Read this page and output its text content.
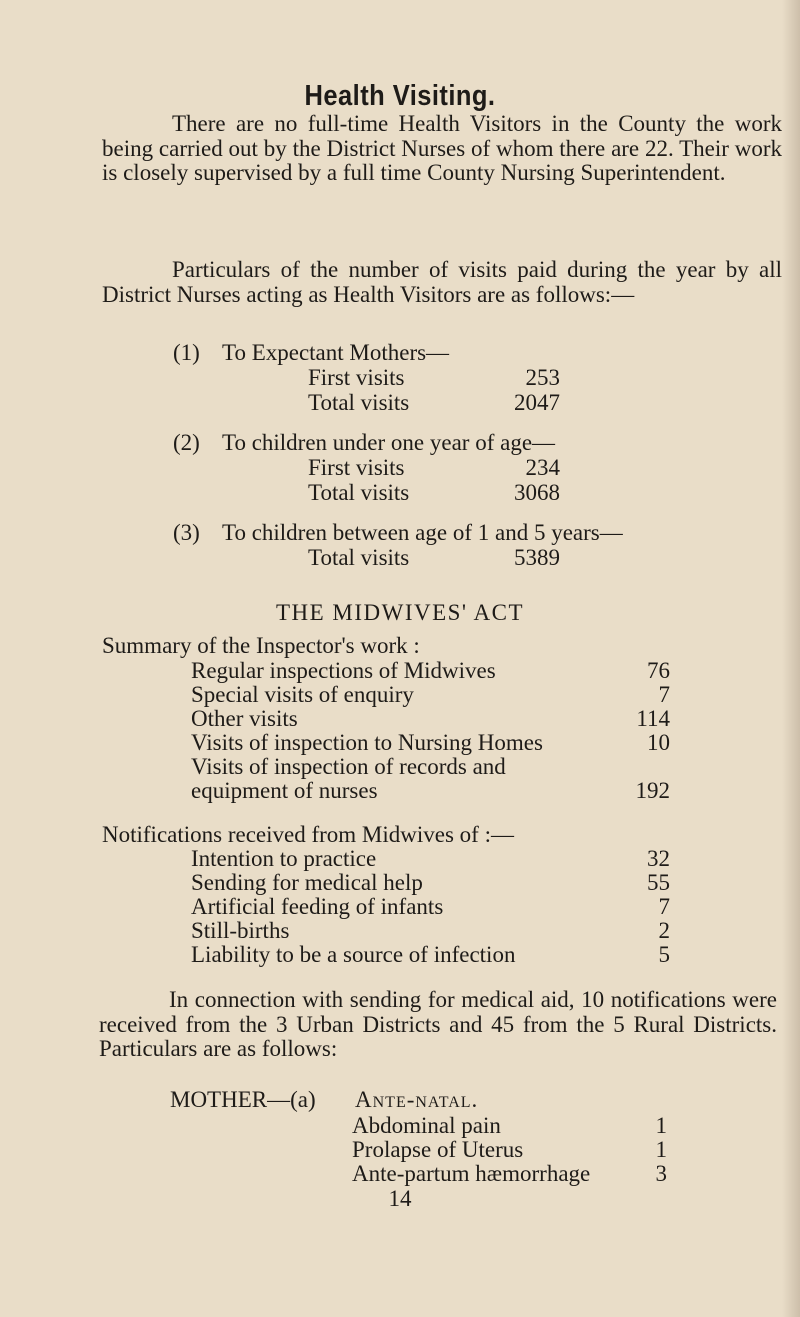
Health Visiting.
There are no full-time Health Visitors in the County the work being carried out by the District Nurses of whom there are 22. Their work is closely supervised by a full time County Nursing Superintendent.
Particulars of the number of visits paid during the year by all District Nurses acting as Health Visitors are as follows:—
(1) To Expectant Mothers—
First visits	253
Total visits	2047
(2) To children under one year of age—
First visits	234
Total visits	3068
(3) To children between age of 1 and 5 years—
Total visits	5389
THE MIDWIVES' ACT
Summary of the Inspector's work :
Regular inspections of Midwives	76
Special visits of enquiry	7
Other visits	114
Visits of inspection to Nursing Homes	10
Visits of inspection of records and
equipment of nurses	192
Notifications received from Midwives of :—
Intention to practice	32
Sending for medical help	55
Artificial feeding of infants	7
Still-births	2
Liability to be a source of infection	5
In connection with sending for medical aid, 10 notifications were received from the 3 Urban Districts and 45 from the 5 Rural Districts. Particulars are as follows:
MOTHER—(a) Ante-natal.
Abdominal pain	1
Prolapse of Uterus	1
Ante-partum hæmorrhage	3
14
